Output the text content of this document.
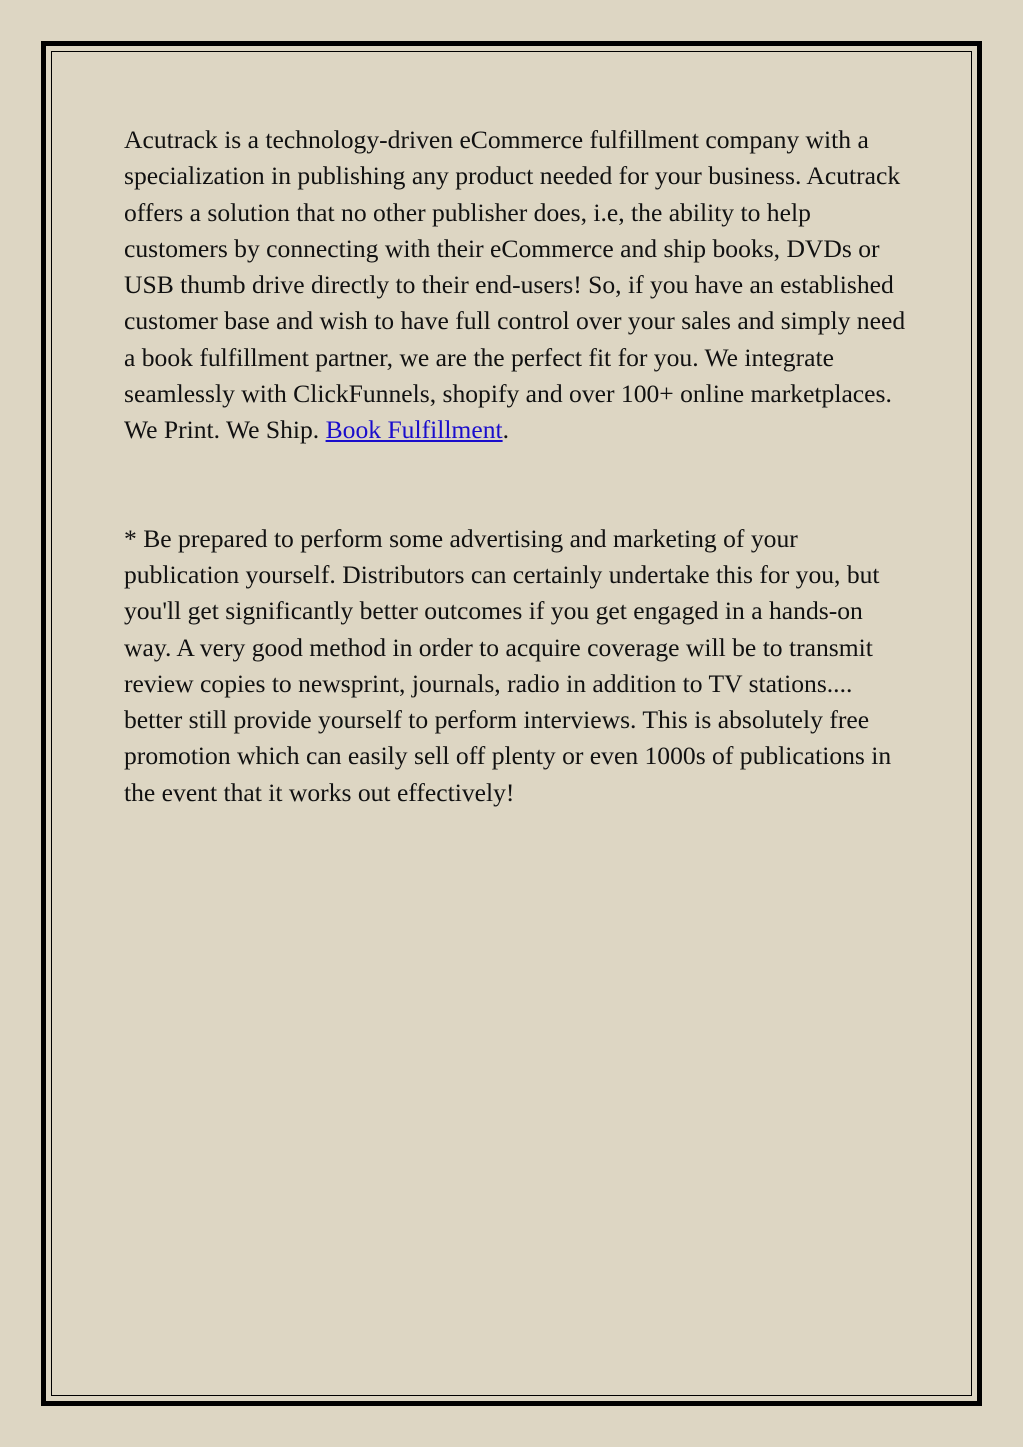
Acutrack is a technology-driven eCommerce fulfillment company with a specialization in publishing any product needed for your business. Acutrack offers a solution that no other publisher does, i.e, the ability to help customers by connecting with their eCommerce and ship books, DVDs or USB thumb drive directly to their end-users! So, if you have an established customer base and wish to have full control over your sales and simply need a book fulfillment partner, we are the perfect fit for you. We integrate seamlessly with ClickFunnels, shopify and over 100+ online marketplaces. We Print. We Ship. Book Fulfillment.

* Be prepared to perform some advertising and marketing of your publication yourself. Distributors can certainly undertake this for you, but you'll get significantly better outcomes if you get engaged in a hands-on way. A very good method in order to acquire coverage will be to transmit review copies to newsprint, journals, radio in addition to TV stations.... better still provide yourself to perform interviews. This is absolutely free promotion which can easily sell off plenty or even 1000s of publications in the event that it works out effectively!
